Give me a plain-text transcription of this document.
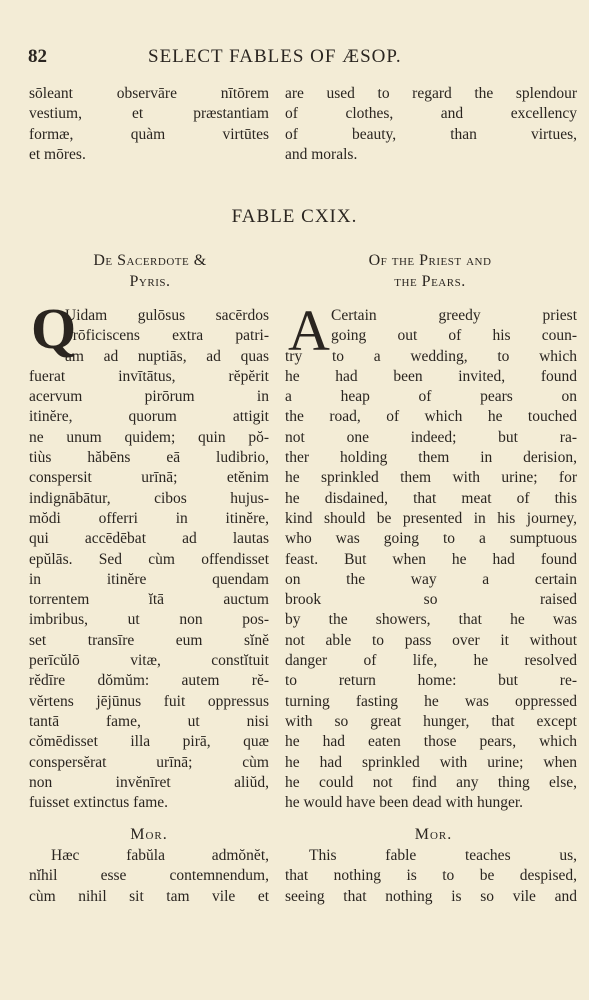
82	SELECT FABLES OF ÆSOP.

sōleant observāre nītōrem

vestium, et præstantiam

formæ, quàm virtūtes

et mōres.

are used to regard the splendour

of clothes, and excellency

of beauty, than virtues,

and morals.

FABLE CXIX.
De Sacerdote &
Pyris.
Of the Priest and
the Pears.
Q	A

Uidam gulōsus sacērdos

prōficiscens extra patri-

am ad nuptiās, ad quas

fuerat invītātus, rĕpĕrit

acervum pirōrum in

itinĕre, quorum attigit

ne unum quidem; quin pŏ-

tiùs hăbēns eā ludibrio,

conspersit urīnā; etĕnim

indignābātur, cibos hujus-

mŏdi offerri in itinĕre,

qui accēdēbat ad lautas

epŭlās. Sed cùm offendisset

in itinĕre quendam

torrentem ĭtā auctum

imbribus, ut non pos-

set transīre eum sĭnĕ

perīcŭlō vitæ, constĭtuit

rĕdīre dŏmŭm: autem rĕ-

vĕrtens jējūnus fuit oppressus

tantā fame, ut nisi

cŏmēdisset illa pirā, quæ

conspersĕrat urīnā; cùm

non invĕnīret aliŭd,

fuisset extinctus fame.

Certain greedy priest

going out of his coun-

try to a wedding, to which

he had been invited, found

a heap of pears on

the road, of which he touched

not one indeed; but ra-

ther holding them in derision,

he sprinkled them with urine; for

he disdained, that meat of this

kind should be presented in his journey,

who was going to a sumptuous

feast. But when he had found

on the way a certain

brook so raised

by the showers, that he was

not able to pass over it without

danger of life, he resolved

to return home: but re-

turning fasting he was oppressed

with so great hunger, that except

he had eaten those pears, which

he had sprinkled with urine; when

he could not find any thing else,

he would have been dead with hunger.

Mor.	Mor.

Hæc fabŭla admŏnĕt,

nĭhil esse contemnendum,

cùm nihil sit tam vile et

This fable teaches us,

that nothing is to be despised,

seeing that nothing is so vile and
